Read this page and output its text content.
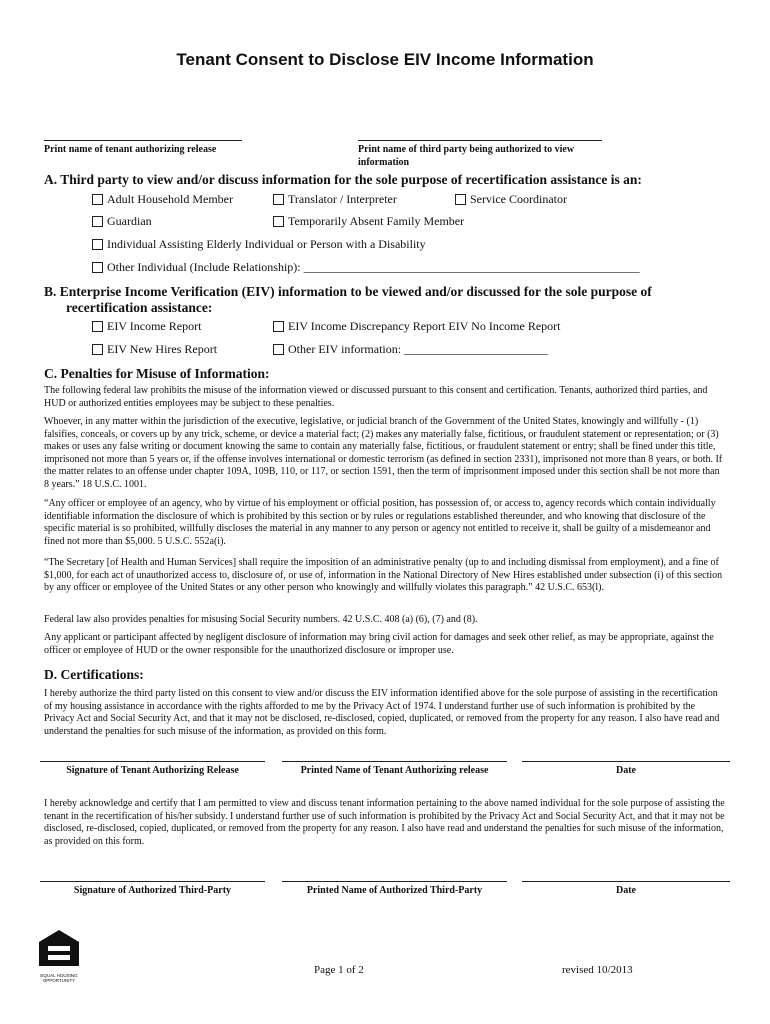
Tenant Consent to Disclose EIV Income Information
Print name of tenant authorizing release	Print name of third party being authorized to view information
A. Third party to view and/or discuss information for the sole purpose of recertification assistance is an:
Adult Household Member	Translator / Interpreter	Service Coordinator
Guardian	Temporarily Absent Family Member
Individual Assisting Elderly Individual or Person with a Disability
Other Individual (Include Relationship): ________________________________________________________
B. Enterprise Income Verification (EIV) information to be viewed and/or discussed for the sole purpose of
recertification assistance:
EIV Income Report	EIV Income Discrepancy Report EIV No Income Report
EIV New Hires Report	Other EIV information: ________________________
C. Penalties for Misuse of Information:
The following federal law prohibits the misuse of the information viewed or discussed pursuant to this consent and certification. Tenants, authorized third parties, and HUD or authorized entities employees may be subject to these penalties.
Whoever, in any matter within the jurisdiction of the executive, legislative, or judicial branch of the Government of the United States, knowingly and willfully - (1) falsifies, conceals, or covers up by any trick, scheme, or device a material fact; (2) makes any materially false, fictitious, or fraudulent statement or representation; or (3) makes or uses any false writing or document knowing the same to contain any materially false, fictitious, or fraudulent statement or entry; shall be fined under this title, imprisoned not more than 5 years or, if the offense involves international or domestic terrorism (as defined in section 2331), imprisoned not more than 8 years, or both. If the matter relates to an offense under chapter 109A, 109B, 110, or 117, or section 1591, then the term of imprisonment imposed under this section shall be not more than 8 years.” 18 U.S.C. 1001.
“Any officer or employee of an agency, who by virtue of his employment or official position, has possession of, or access to, agency records which contain individually identifiable information the disclosure of which is prohibited by this section or by rules or regulations established thereunder, and who knowing that disclosure of the specific material is so prohibited, willfully discloses the material in any manner to any person or agency not entitled to receive it, shall be guilty of a misdemeanor and fined not more than $5,000. 5 U.S.C. 552a(i).
“The Secretary [of Health and Human Services] shall require the imposition of an administrative penalty (up to and including dismissal from employment), and a fine of $1,000, for each act of unauthorized access to, disclosure of, or use of, information in the National Directory of New Hires established under subsection (i) of this section by any officer or employee of the United States or any other person who knowingly and willfully violates this paragraph.” 42 U.S.C. 653(l).
Federal law also provides penalties for misusing Social Security numbers. 42 U.S.C. 408 (a) (6), (7) and (8).
Any applicant or participant affected by negligent disclosure of information may bring civil action for damages and seek other relief, as may be appropriate, against the officer or employee of HUD or the owner responsible for the unauthorized disclosure or improper use.
D. Certifications:
I hereby authorize the third party listed on this consent to view and/or discuss the EIV information identified above for the sole purpose of assisting in the recertification of my housing assistance in accordance with the rights afforded to me by the Privacy Act of 1974. I understand further use of such information is prohibited by the Privacy Act and Social Security Act, and that it may not be disclosed, re-disclosed, copied, duplicated, or removed from the property for any reason. I also have read and understand the penalties for such misuse of the information, as provided on this form.
Signature of Tenant Authorizing Release	Printed Name of Tenant Authorizing release	Date
I hereby acknowledge and certify that I am permitted to view and discuss tenant information pertaining to the above named individual for the sole purpose of assisting the tenant in the recertification of his/her subsidy. I understand further use of such information is prohibited by the Privacy Act and Social Security Act, and that it may not be disclosed, re-disclosed, copied, duplicated, or removed from the property for any reason. I also have read and understand the penalties for such misuse of the information, as provided on this form.
Signature of Authorized Third-Party	Printed Name of Authorized Third-Party	Date
EQUAL HOUSING OPPORTUNITY
Page 1 of 2	revised 10/2013
